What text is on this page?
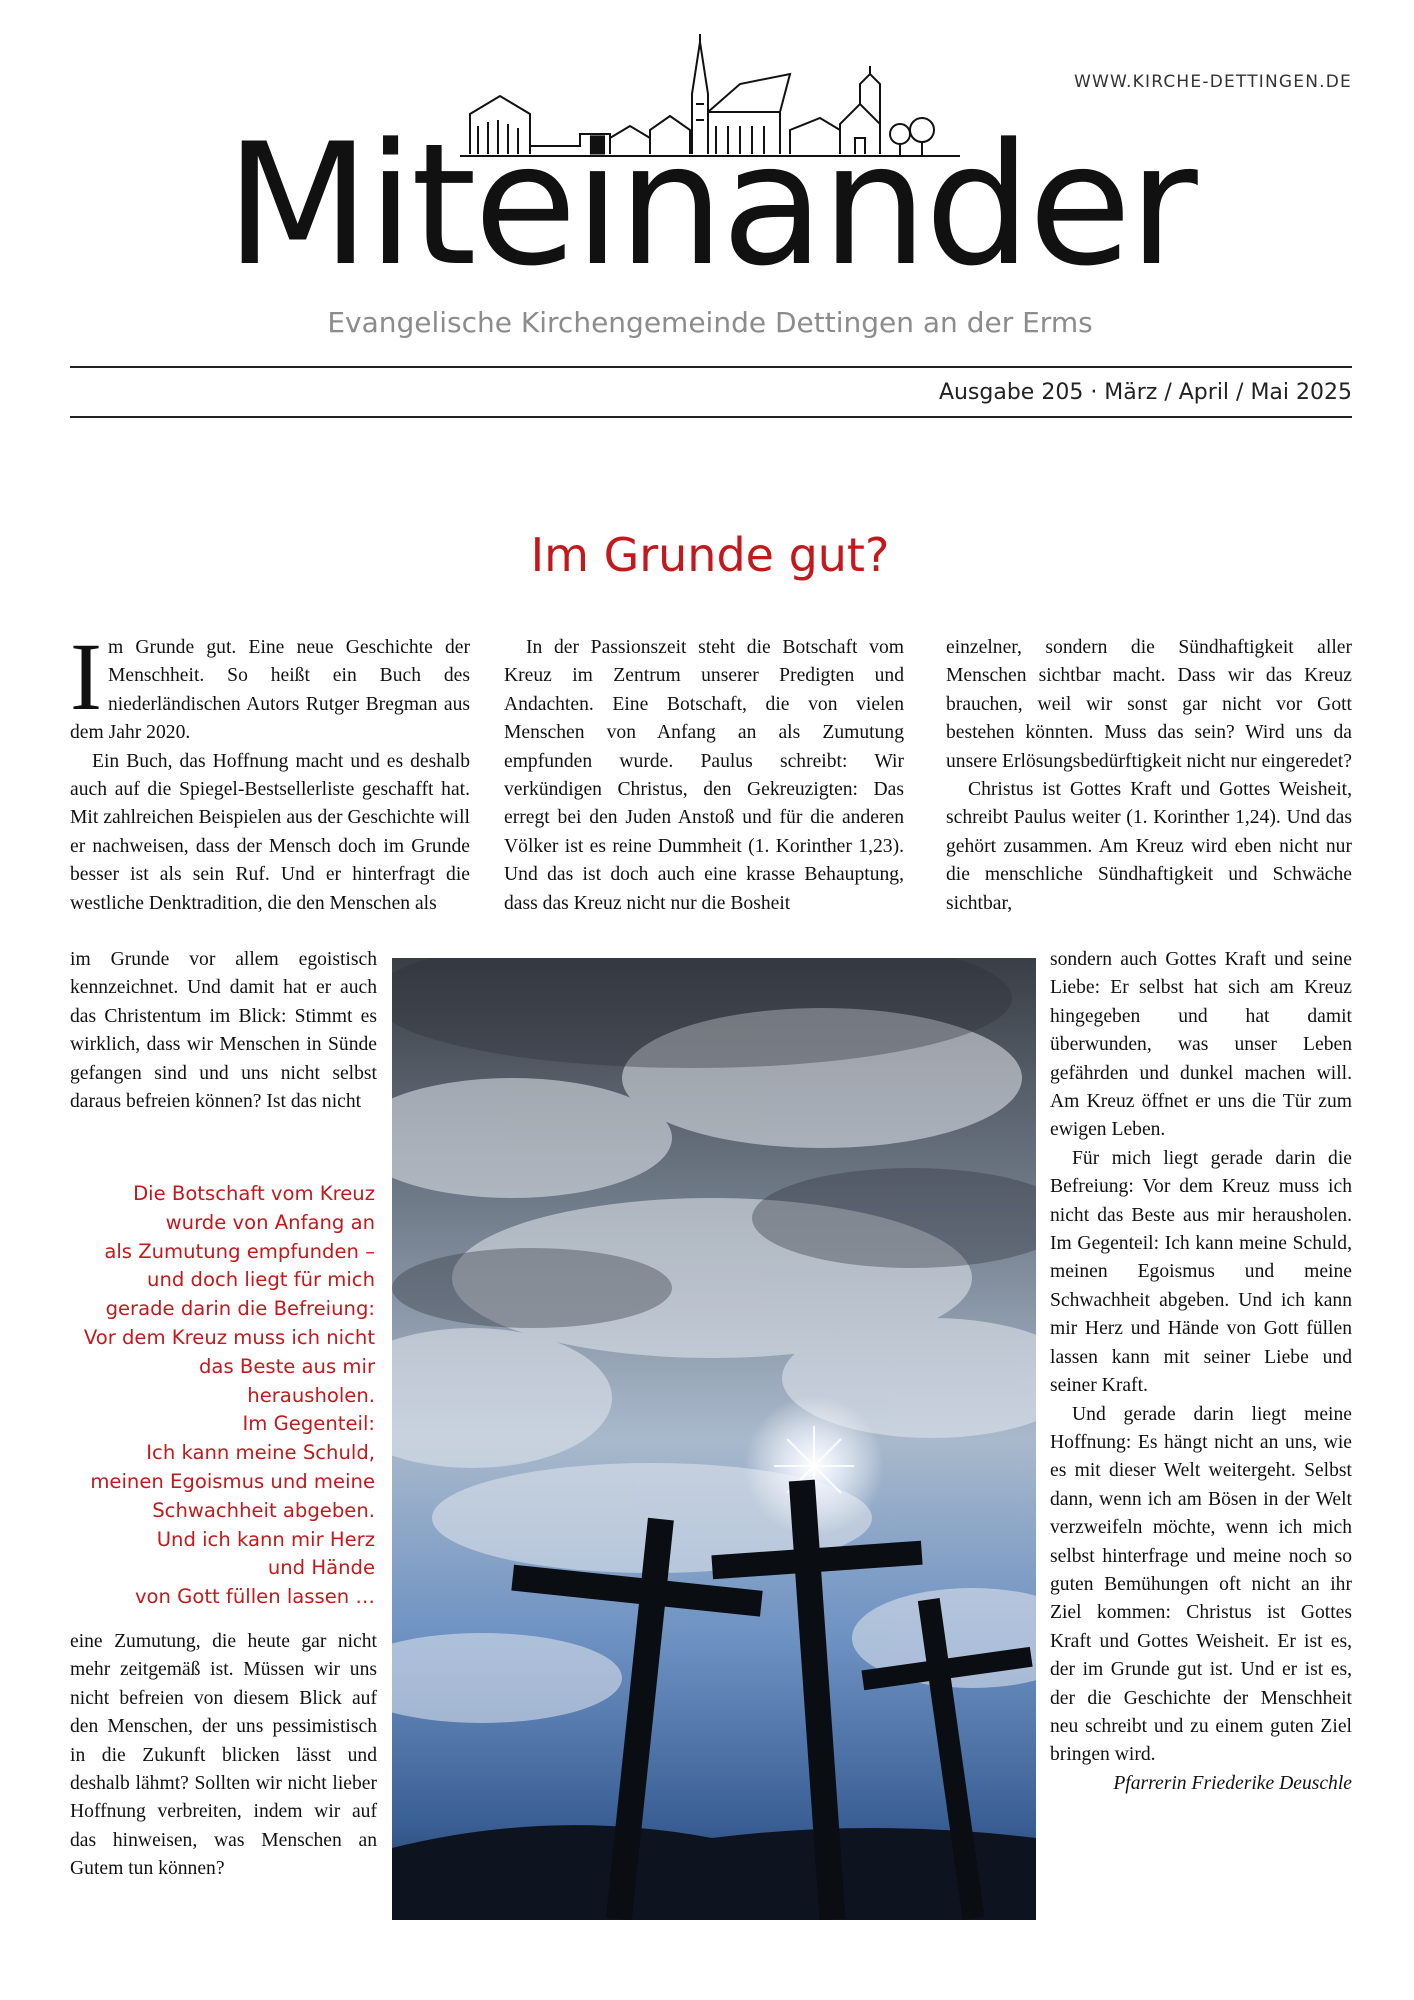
WWW.KIRCHE-DETTINGEN.DE
Miteinander
Evangelische Kirchengemeinde Dettingen an der Erms
Ausgabe 205 · März / April / Mai 2025
Im Grunde gut?

Im Grunde gut. Eine neue Geschichte der Menschheit. So heißt ein Buch des niederländischen Autors Rutger Bregman aus dem Jahr 2020.

Ein Buch, das Hoffnung macht und es deshalb auch auf die Spiegel-Bestsellerliste geschafft hat. Mit zahlreichen Beispielen aus der Geschichte will er nachweisen, dass der Mensch doch im Grunde besser ist als sein Ruf. Und er hinterfragt die westliche Denktradition, die den Menschen als

im Grunde vor allem egoistisch kennzeichnet. Und damit hat er auch das Christentum im Blick: Stimmt es wirklich, dass wir Menschen in Sünde gefangen sind und uns nicht selbst daraus befreien können? Ist das nicht

Die Botschaft vom Kreuz
wurde von Anfang an
als Zumutung empfunden –
und doch liegt für mich
gerade darin die Befreiung:
Vor dem Kreuz muss ich nicht
das Beste aus mir
herausholen.
Im Gegenteil:
Ich kann meine Schuld,
meinen Egoismus und meine
Schwachheit abgeben.
Und ich kann mir Herz
und Hände
von Gott füllen lassen …

eine Zumutung, die heute gar nicht mehr zeitgemäß ist. Müssen wir uns nicht befreien von diesem Blick auf den Menschen, der uns pessimistisch in die Zukunft blicken lässt und deshalb lähmt? Sollten wir nicht lieber Hoffnung verbreiten, indem wir auf das hinweisen, was Menschen an Gutem tun können?

In der Passionszeit steht die Botschaft vom Kreuz im Zentrum unserer Predigten und Andachten. Eine Botschaft, die von vielen Menschen von Anfang an als Zumutung empfunden wurde. Paulus schreibt: Wir verkündigen Christus, den Gekreuzigten: Das erregt bei den Juden Anstoß und für die anderen Völker ist es reine Dummheit (1. Korinther 1,23). Und das ist doch auch eine krasse Behauptung, dass das Kreuz nicht nur die Bosheit

einzelner, sondern die Sündhaftigkeit aller Menschen sichtbar macht. Dass wir das Kreuz brauchen, weil wir sonst gar nicht vor Gott bestehen könnten. Muss das sein? Wird uns da unsere Erlösungsbedürftigkeit nicht nur eingeredet?

Christus ist Gottes Kraft und Gottes Weisheit, schreibt Paulus weiter (1. Korinther 1,24). Und das gehört zusammen. Am Kreuz wird eben nicht nur die menschliche Sündhaftigkeit und Schwäche sichtbar,

sondern auch Gottes Kraft und seine Liebe: Er selbst hat sich am Kreuz hingegeben und hat damit überwunden, was unser Leben gefährden und dunkel machen will. Am Kreuz öffnet er uns die Tür zum ewigen Leben.

Für mich liegt gerade darin die Befreiung: Vor dem Kreuz muss ich nicht das Beste aus mir herausholen. Im Gegenteil: Ich kann meine Schuld, meinen Egoismus und meine Schwachheit abgeben. Und ich kann mir Herz und Hände von Gott füllen lassen kann mit seiner Liebe und seiner Kraft.

Und gerade darin liegt meine Hoffnung: Es hängt nicht an uns, wie es mit dieser Welt weitergeht. Selbst dann, wenn ich am Bösen in der Welt verzweifeln möchte, wenn ich mich selbst hinterfrage und meine noch so guten Bemühungen oft nicht an ihr Ziel kommen: Christus ist Gottes Kraft und Gottes Weisheit. Er ist es, der im Grunde gut ist. Und er ist es, der die Geschichte der Menschheit neu schreibt und zu einem guten Ziel bringen wird.

Pfarrerin Friederike Deuschle
